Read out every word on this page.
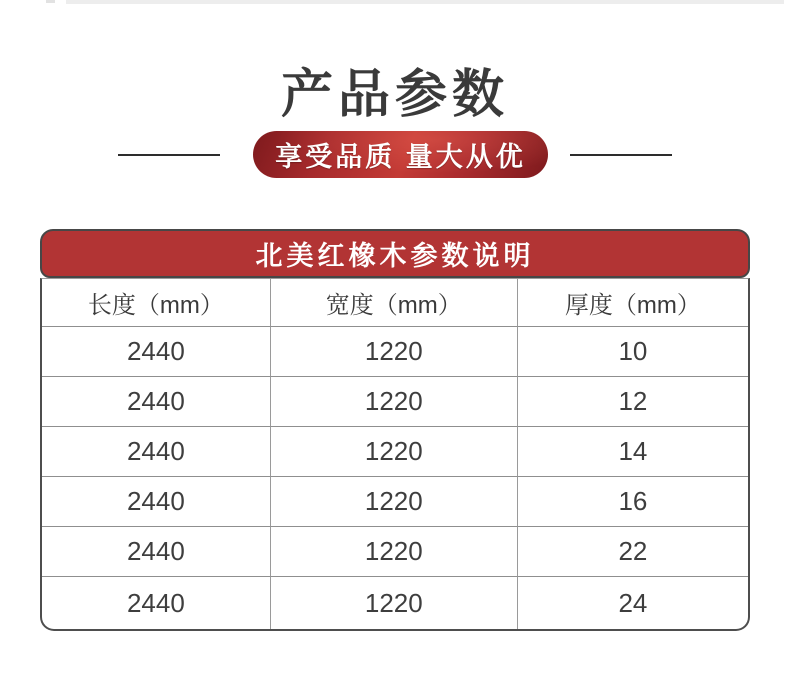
产品参数
享受品质 量大从优
北美红橡木参数说明
长度（mm）	宽度（mm）	厚度（mm）
2440	1220	10
2440	1220	12
2440	1220	14
2440	1220	16
2440	1220	22
2440	1220	24
